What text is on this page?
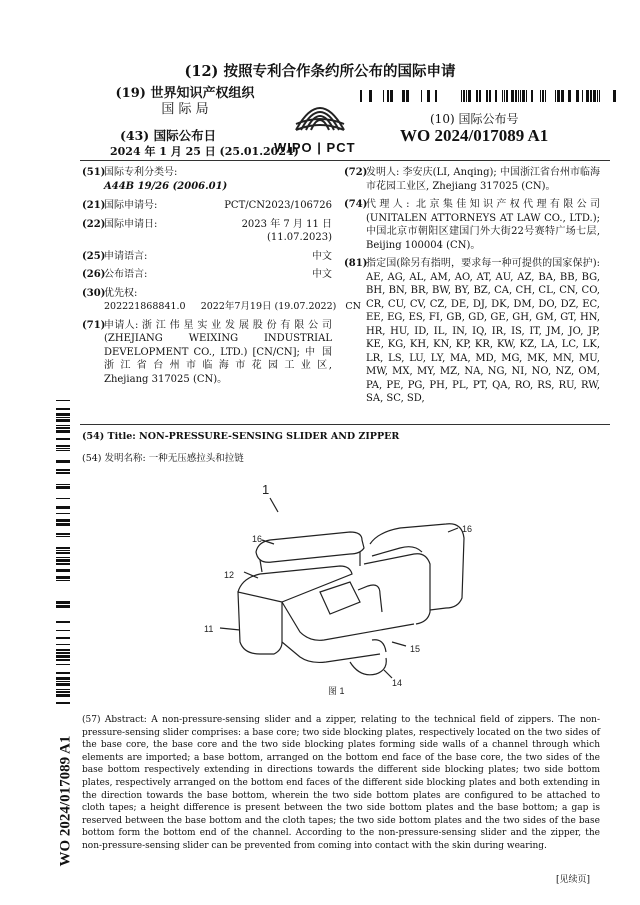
(12) 按照专利合作条约所公布的国际申请
(19) 世界知识产权组织
国 际 局
(43) 国际公布日
2024 年 1 月 25 日 (25.01.2024)
WIPO | PCT
(10) 国际公布号
WO 2024/017089 A1
(51)
国际专利分类号:
A44B 19/26 (2006.01)
(21)
国际申请号:	PCT/CN2023/106726
(22)
国际申请日:	2023 年 7 月 11 日 (11.07.2023)
(25)
申请语言:	中文
(26)
公布语言:	中文
(30)
优先权:
202221868841.0     2022年7月19日 (19.07.2022)   CN
(71)
申请人: 浙 江 伟 星 实 业 发 展 股 份 有 限 公 司 (ZHEJIANG WEIXING INDUSTRIAL DEVELOPMENT CO., LTD.) [CN/CN]; 中 国 浙 江 省 台 州 市 临 海 市 花 园 工 业 区, Zhejiang 317025 (CN)。
(72)
发明人: 李安庆(LI, Anqing); 中国浙江省台州市临海市花园工业区, Zhejiang 317025 (CN)。
(74)
代理人: 北京集佳知识产权代理有限公司(UNITALEN ATTORNEYS AT LAW CO., LTD.); 中国北京市朝阳区建国门外大街22号赛特广场七层, Beijing 100004 (CN)。
(81)
指定国(除另有指明，要求每一种可提供的国家保护): AE, AG, AL, AM, AO, AT, AU, AZ, BA, BB, BG, BH, BN, BR, BW, BY, BZ, CA, CH, CL, CN, CO, CR, CU, CV, CZ, DE, DJ, DK, DM, DO, DZ, EC, EE, EG, ES, FI, GB, GD, GE, GH, GM, GT, HN, HR, HU, ID, IL, IN, IQ, IR, IS, IT, JM, JO, JP, KE, KG, KH, KN, KP, KR, KW, KZ, LA, LC, LK, LR, LS, LU, LY, MA, MD, MG, MK, MN, MU, MW, MX, MY, MZ, NA, NG, NI, NO, NZ, OM, PA, PE, PG, PH, PL, PT, QA, RO, RS, RU, RW, SA, SC, SD,
(54) Title: NON-PRESSURE-SENSING SLIDER AND ZIPPER
(54) 发明名称: 一种无压感拉头和拉链
1
16
16
12
11
15
14
图 1
(57) Abstract: A non-pressure-sensing slider and a zipper, relating to the technical field of zippers. The non-pressure-sensing slider comprises: a base core; two side blocking plates, respectively located on the two sides of the base core, the base core and the two side blocking plates forming side walls of a channel through which elements are imported; a base bottom, arranged on the bottom end face of the base core, the two sides of the base bottom respectively extending in directions towards the different side blocking plates; two side bottom plates, respectively arranged on the bottom end faces of the different side blocking plates and both extending in the direction towards the base bottom, wherein the two side bottom plates are configured to be attached to cloth tapes; a height difference is present between the two side bottom plates and the base bottom; a gap is reserved between the base bottom and the cloth tapes; the two side bottom plates and the two sides of the base bottom form the bottom end of the channel. According to the non-pressure-sensing slider and the zipper, the non-pressure-sensing slider can be prevented from coming into contact with the skin during wearing.
WO 2024/017089 A1
[见续页]
